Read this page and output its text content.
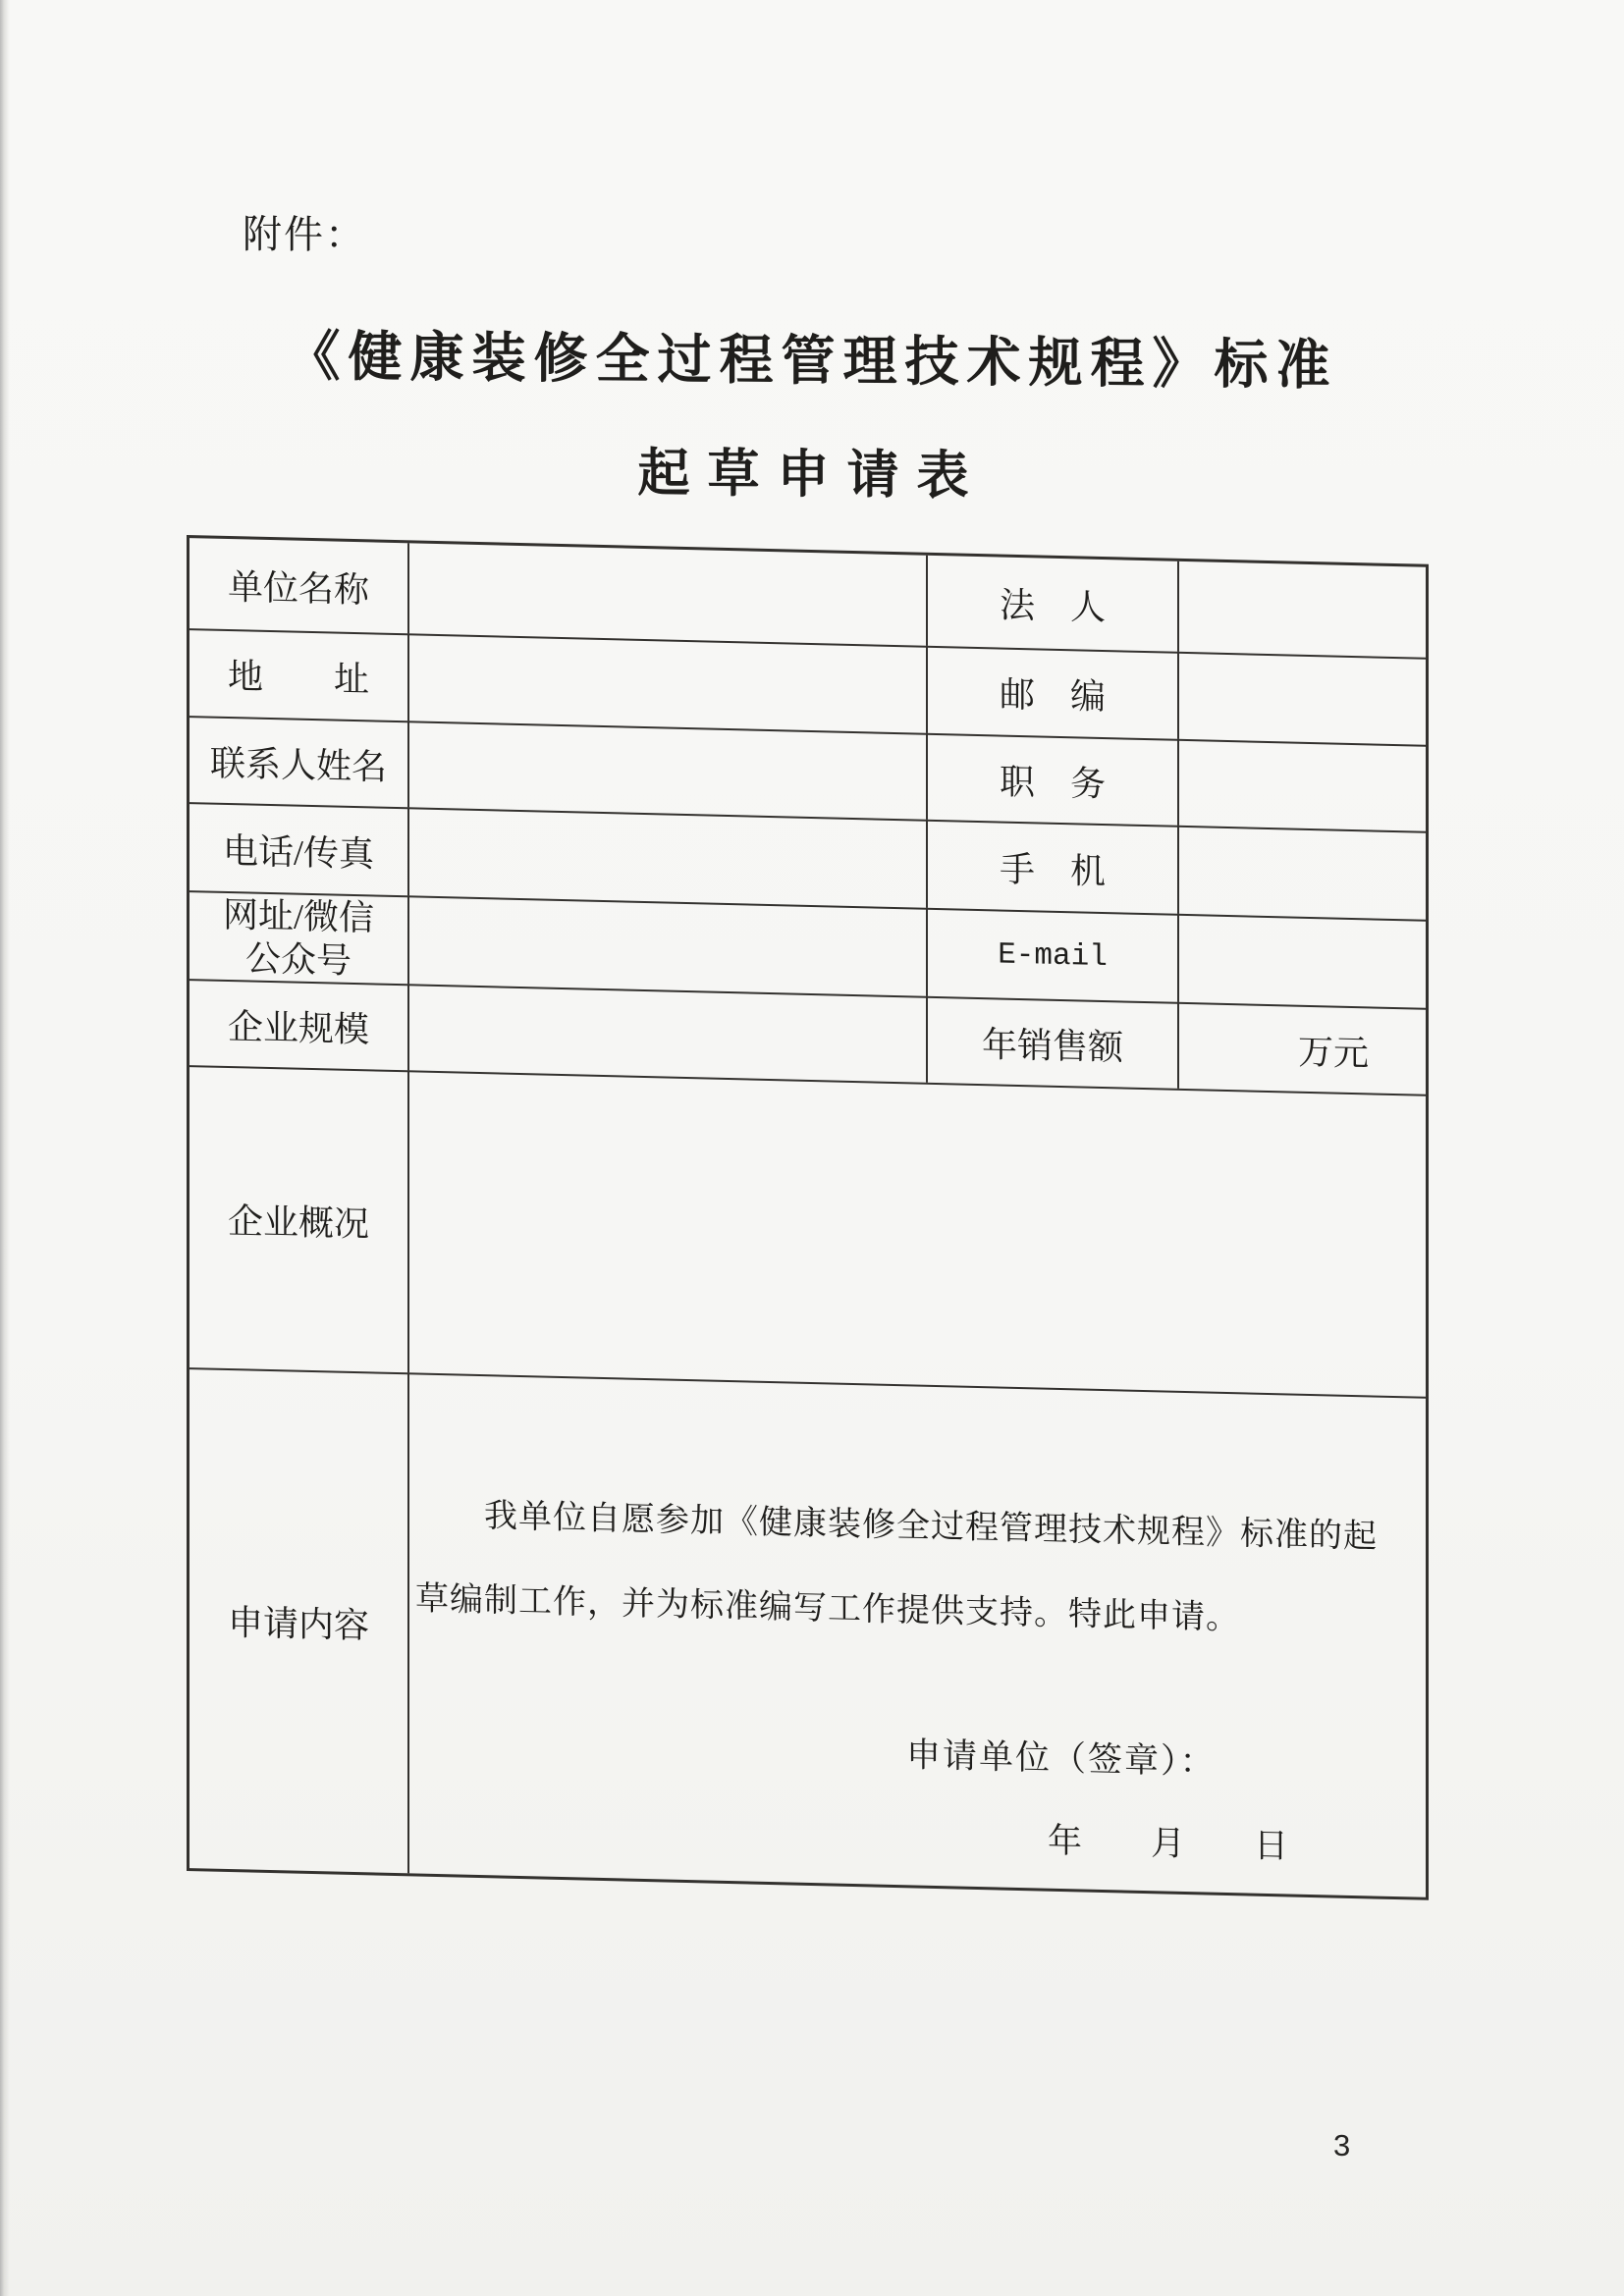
附件：
《健康装修全过程管理技术规程》标准
起草申请表
单位名称	法　人
地　　址	邮　编
联系人姓名	职　务
电话/传真	手　机
网址/微信
公众号	E-mail
企业规模	年销售额	万元
企业概况
申请内容

我单位自愿参加《健康装修全过程管理技术规程》标准的起草编制工作，并为标准编写工作提供支持。特此申请。

申请单位（签章）：
年　　月　　日
3
